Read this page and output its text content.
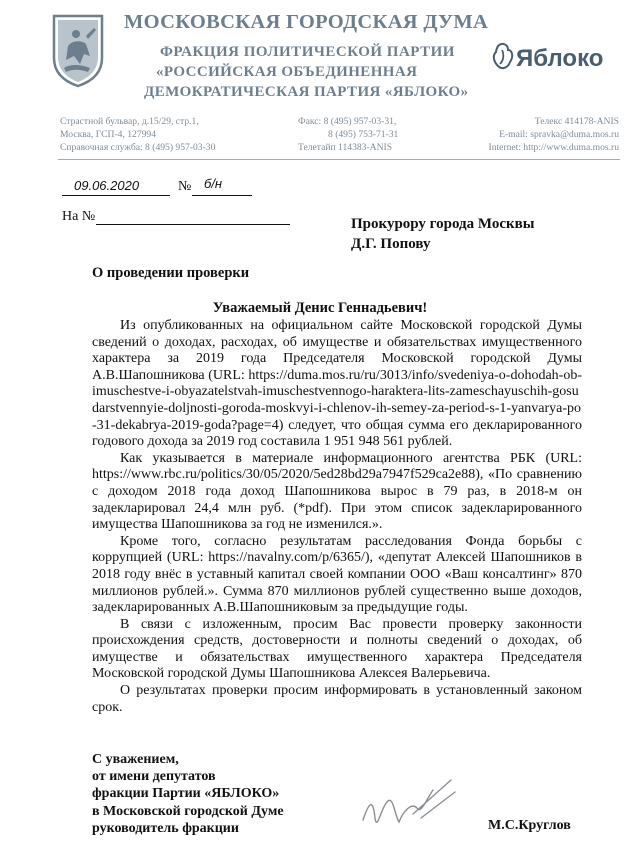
МОСКОВСКАЯ ГОРОДСКАЯ ДУМА
ФРАКЦИЯ ПОЛИТИЧЕСКОЙ ПАРТИИ
«РОССИЙСКАЯ ОБЪЕДИНЕННАЯ
ДЕМОКРАТИЧЕСКАЯ ПАРТИЯ «ЯБЛОКО»
Яблоко
Страстной бульвар, д.15/29, стр.1,
Москва, ГСП-4, 127994
Справочная служба: 8 (495) 957-03-30
Факс: 8 (495) 957-03-31,
8 (495) 753-71-31
Телетайп 114383-ANIS
Телекс 414178-ANIS
E-mail: spravka@duma.mos.ru
Internet: http://www.duma.mos.ru
09.06.2020	№ б/н
На №	Прокурору города Москвы
Д.Г. Попову
О проведении проверки
Уважаемый Денис Геннадьевич!

Из опубликованных на официальном сайте Московской городской Думы сведений о доходах, расходах, об имуществе и обязательствах имущественного характера за 2019 года Председателя Московской городской Думы А.В.Шапошникова (URL: https://duma.mos.ru/ru/3013/info/svedeniya-o-dohodah-ob-imuschestve-i-obyazatelstvah-imuschestvennogo-haraktera-lits-zameschayuschih-gosudarstvennyie-doljnosti-goroda-moskvyi-i-chlenov-ih-semey-za-period-s-1-yanvarya-po-31-dekabrya-2019-goda?page=4) следует, что общая сумма его декларированного годового дохода за 2019 год составила 1 951 948 561 рублей.

Как указывается в материале информационного агентства РБК (URL: https://www.rbc.ru/politics/30/05/2020/5ed28bd29a7947f529ca2e88), «По сравнению с доходом 2018 года доход Шапошникова вырос в 79 раз, в 2018-м он задекларировал 24,4 млн руб. (*pdf). При этом список задекларированного имущества Шапошникова за год не изменился.».

Кроме того, согласно результатам расследования Фонда борьбы с коррупцией (URL: https://navalny.com/p/6365/), «депутат Алексей Шапошников в 2018 году внёс в уставный капитал своей компании ООО «Ваш консалтинг» 870 миллионов рублей.». Сумма 870 миллионов рублей существенно выше доходов, задекларированных А.В.Шапошниковым за предыдущие годы.

В связи с изложенным, просим Вас провести проверку законности происхождения средств, достоверности и полноты сведений о доходах, об имуществе и обязательствах имущественного характера Председателя Московской городской Думы Шапошникова Алексея Валерьевича.

О результатах проверки просим информировать в установленный законом срок.

С уважением,
от имени депутатов
фракции Партии «ЯБЛОКО»
в Московской городской Думе
руководитель фракции	М.С.Круглов
